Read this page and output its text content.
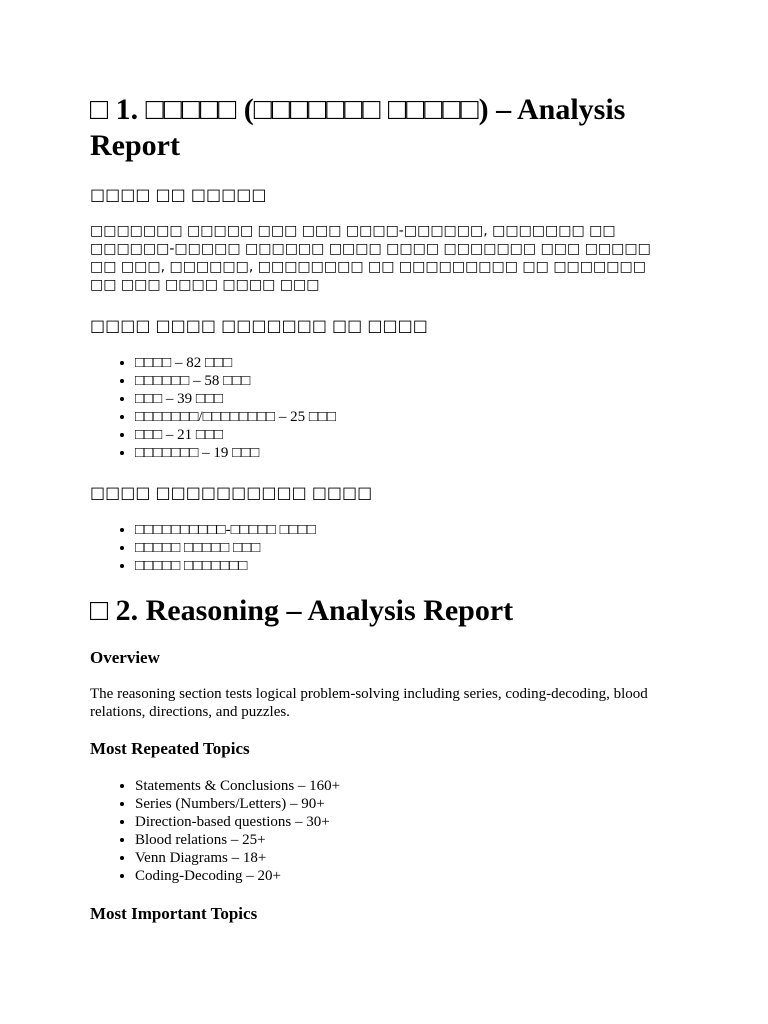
□ 1. □□□□□ (□□□□□□□ □□□□□) – Analysis Report
□□□□ □□ □□□□□

□□□□□□□ □□□□□ □□□ □□□ □□□□-□□□□□□, □□□□□□□ □□ □□□□□□-□□□□□ □□□□□□ □□□□ □□□□ □□□□□□□ □□□ □□□□□ □□ □□□, □□□□□□, □□□□□□□□ □□ □□□□□□□□□ □□ □□□□□□□ □□ □□□ □□□□ □□□□ □□□

□□□□ □□□□ □□□□□□□ □□ □□□□
• □□□□ – 82 □□□
• □□□□□□ – 58 □□□
• □□□ – 39 □□□
• □□□□□□□/□□□□□□□□ – 25 □□□
• □□□ – 21 □□□
• □□□□□□□ – 19 □□□
□□□□ □□□□□□□□□□ □□□□
• □□□□□□□□□□-□□□□□ □□□□
• □□□□□ □□□□□ □□□
• □□□□□ □□□□□□□
□ 2. Reasoning – Analysis Report
Overview

The reasoning section tests logical problem-solving including series, coding-decoding, blood relations, directions, and puzzles.

Most Repeated Topics
• Statements & Conclusions – 160+
• Series (Numbers/Letters) – 90+
• Direction-based questions – 30+
• Blood relations – 25+
• Venn Diagrams – 18+
• Coding-Decoding – 20+
Most Important Topics
